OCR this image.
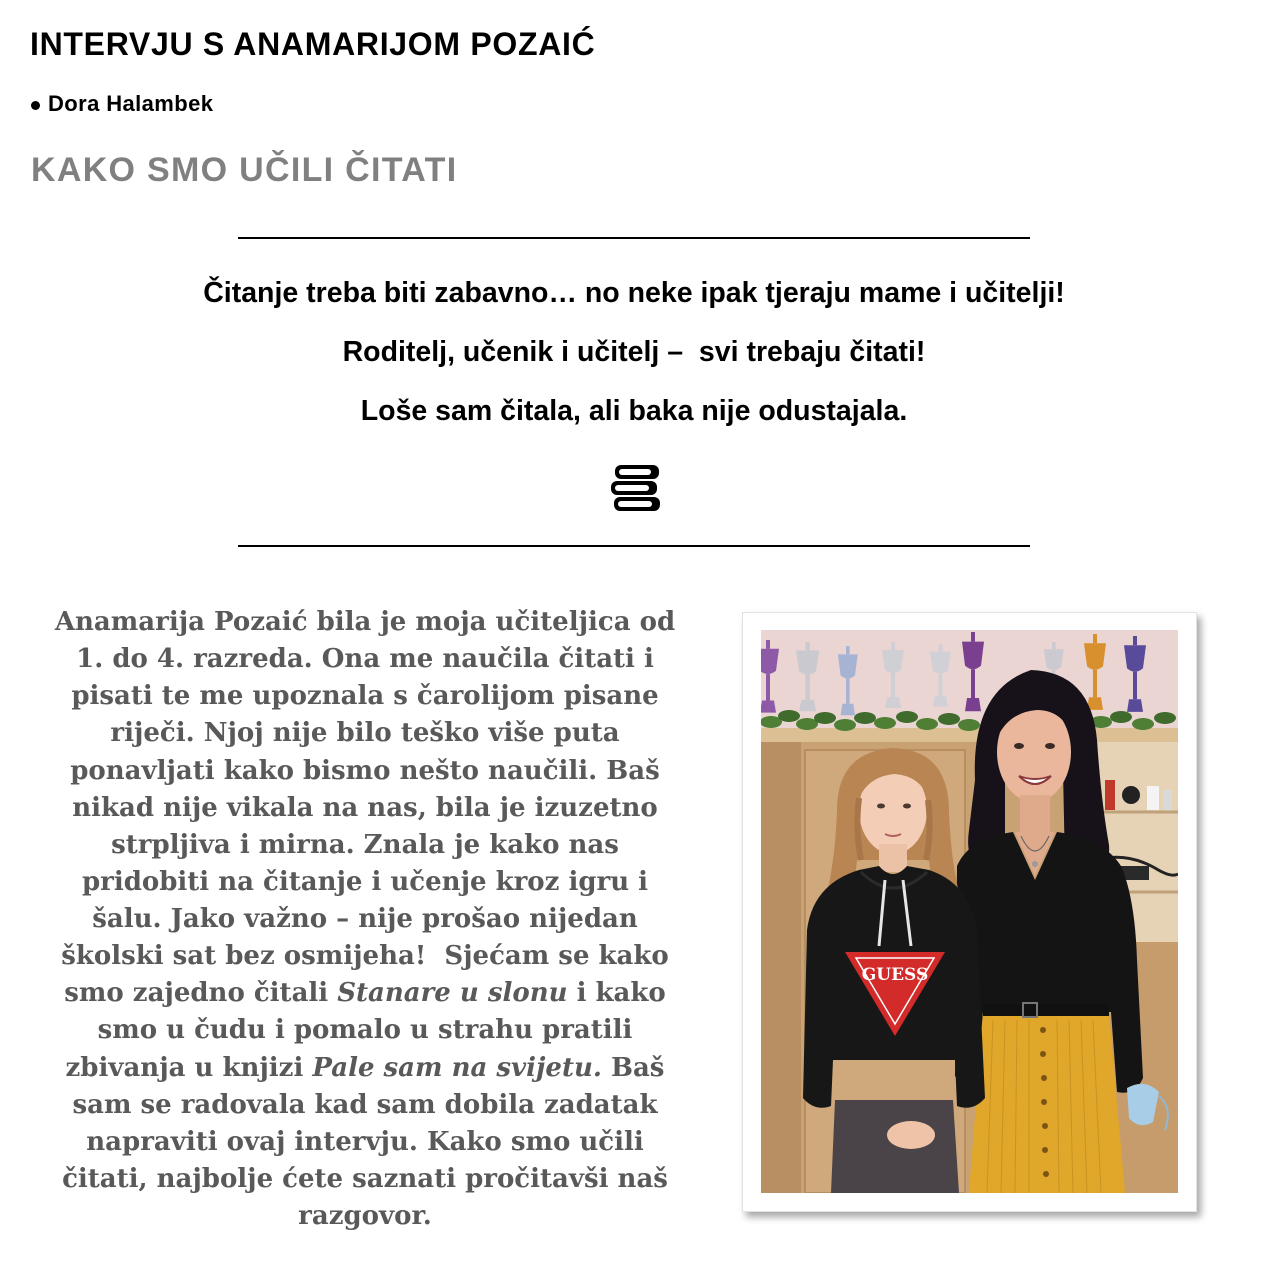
INTERVJU S ANAMARIJOM POZAIĆ
Dora Halambek
KAKO SMO UČILI ČITATI
Čitanje treba biti zabavno… no neke ipak tjeraju mame i učitelji!
Roditelj, učenik i učitelj –  svi trebaju čitati!
Loše sam čitala, ali baka nije odustajala.
Anamarija Pozaić bila je moja učiteljica od
1. do 4. razreda. Ona me naučila čitati i
pisati te me upoznala s čarolijom pisane
riječi. Njoj nije bilo teško više puta
ponavljati kako bismo nešto naučili. Baš
nikad nije vikala na nas, bila je izuzetno
strpljiva i mirna. Znala je kako nas
pridobiti na čitanje i učenje kroz igru i
šalu. Jako važno – nije prošao nijedan
školski sat bez osmijeha!  Sjećam se kako
smo zajedno čitali Stanare u slonu i kako
smo u čudu i pomalo u strahu pratili
zbivanja u knjizi Pale sam na svijetu. Baš
sam se radovala kad sam dobila zadatak
napraviti ovaj intervju. Kako smo učili
čitati, najbolje ćete saznati pročitavši naš
razgovor.
GUESS
